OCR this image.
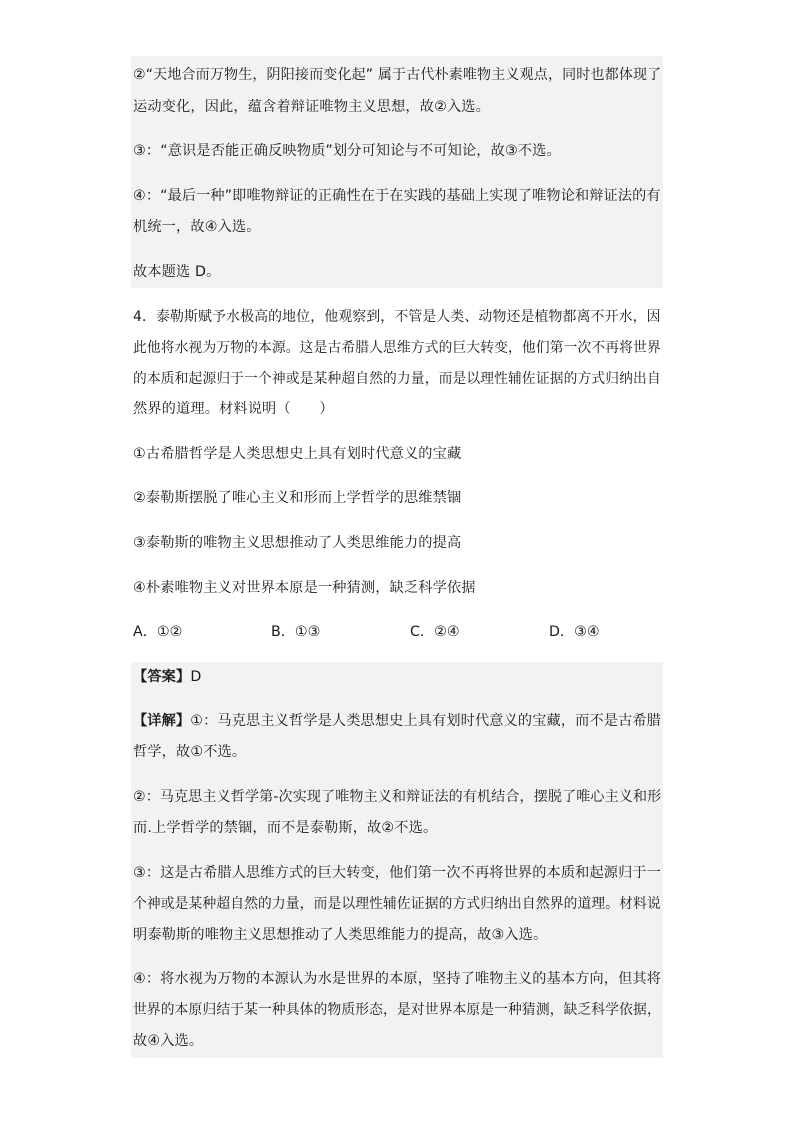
②“天地合而万物生，阴阳接而变化起” 属于古代朴素唯物主义观点，同时也都体现了
运动变化，因此，蕴含着辩证唯物主义思想，故②入选。
③：“意识是否能正确反映物质”划分可知论与不可知论，故③不选。
④：“最后一种”即唯物辩证的正确性在于在实践的基础上实现了唯物论和辩证法的有
机统一，故④入选。
故本题选 D。
4．泰勒斯赋予水极高的地位，他观察到，不管是人类、动物还是植物都离不开水，因
此他将水视为万物的本源。这是古希腊人思维方式的巨大转变，他们第一次不再将世界
的本质和起源归于一个神或是某种超自然的力量，而是以理性辅佐证据的方式归纳出自
然界的道理。材料说明（　　）
①古希腊哲学是人类思想史上具有划时代意义的宝藏
②泰勒斯摆脱了唯心主义和形而上学哲学的思维禁锢
③泰勒斯的唯物主义思想推动了人类思维能力的提高
④朴素唯物主义对世界本原是一种猜测，缺乏科学依据
A．①②	B．①③	C．②④	D．③④
【答案】D
【详解】①：马克思主义哲学是人类思想史上具有划时代意义的宝藏，而不是古希腊
哲学，故①不选。
②：马克思主义哲学第-次实现了唯物主义和辩证法的有机结合，摆脱了唯心主义和形
而.上学哲学的禁锢，而不是泰勒斯，故②不选。
③：这是古希腊人思维方式的巨大转变，他们第一次不再将世界的本质和起源归于一
个神或是某种超自然的力量，而是以理性辅佐证据的方式归纳出自然界的道理。材料说
明泰勒斯的唯物主义思想推动了人类思维能力的提高，故③入选。
④：将水视为万物的本源认为水是世界的本原，坚持了唯物主义的基本方向，但其将
世界的本原归结于某一种具体的物质形态，是对世界本原是一种猜测，缺乏科学依据，
故④入选。
